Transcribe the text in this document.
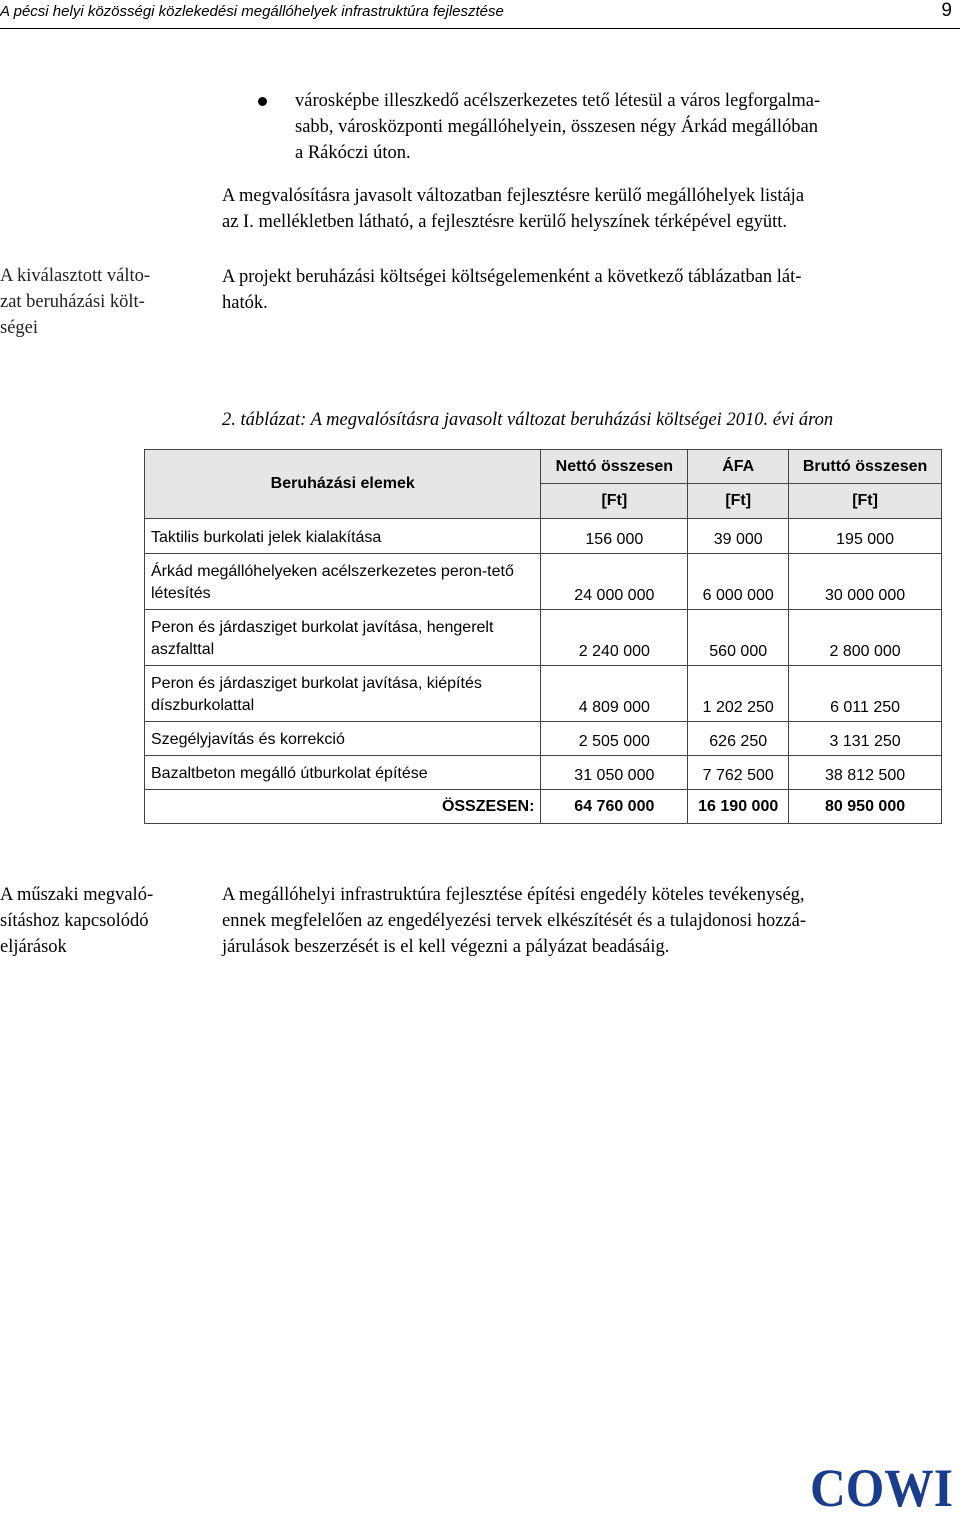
A pécsi helyi közösségi közlekedési megállóhelyek infrastruktúra fejlesztése	9
városképbe illeszkedő acélszerkezetes tető létesül a város legforgalma-
sabb, városközponti megállóhelyein, összesen négy Árkád megállóban
a Rákóczi úton.
A megvalósításra javasolt változatban fejlesztésre kerülő megállóhelyek listája
az I. mellékletben látható, a fejlesztésre kerülő helyszínek térképével együtt.
A kiválasztott válto-
zat beruházási költ-
ségei
A projekt beruházási költségei költségelemenként a következő táblázatban lát-
hatók.
2. táblázat: A megvalósításra javasolt változat beruházási költségei 2010. évi áron
Beruházási elemek	Nettó összesen	ÁFA	Bruttó összesen
	[Ft]	[Ft]	[Ft]
Taktilis burkolati jelek kialakítása	156 000	39 000	195 000
Árkád megállóhelyeken acélszerkezetes peron-tető létesítés	24 000 000	6 000 000	30 000 000
Peron és járdasziget burkolat javítása, hengerelt aszfalttal	2 240 000	560 000	2 800 000
Peron és járdasziget burkolat javítása, kiépítés díszburkolattal	4 809 000	1 202 250	6 011 250
Szegélyjavítás és korrekció	2 505 000	626 250	3 131 250
Bazaltbeton megálló útburkolat építése	31 050 000	7 762 500	38 812 500
ÖSSZESEN:	64 760 000	16 190 000	80 950 000
A műszaki megvaló-
sításhoz kapcsolódó
eljárások
A megállóhelyi infrastruktúra fejlesztése építési engedély köteles tevékenység,
ennek megfelelően az engedélyezési tervek elkészítését és a tulajdonosi hozzá-
járulások beszerzését is el kell végezni a pályázat beadásáig.
COWI
